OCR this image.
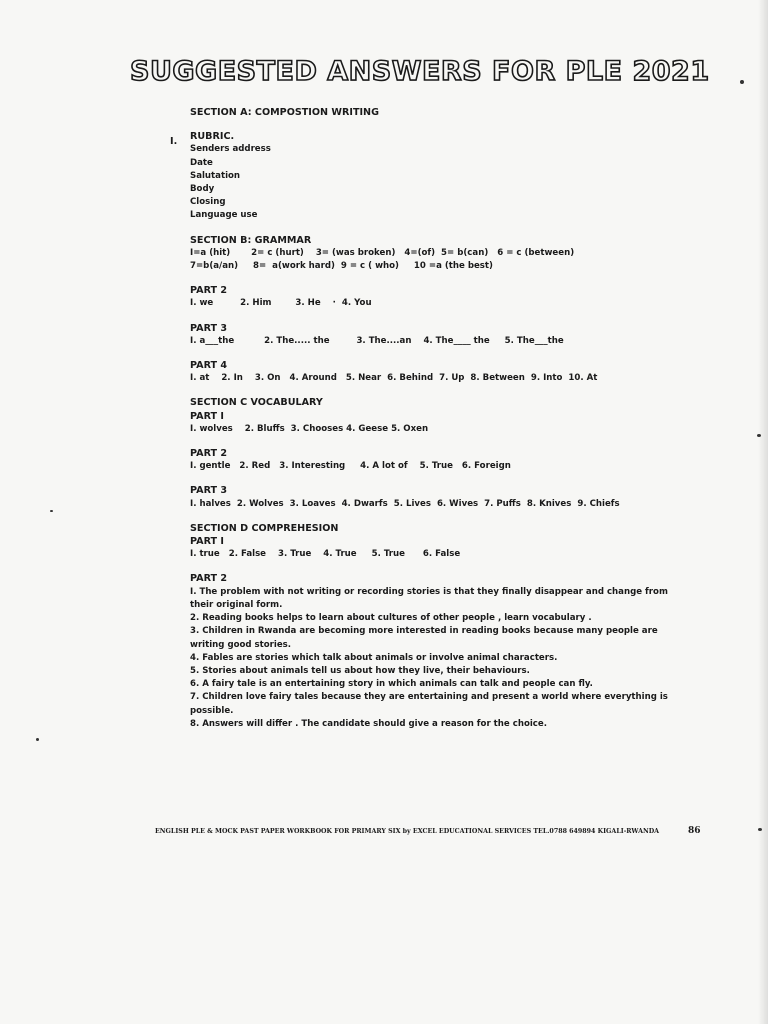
SUGGESTED ANSWERS FOR PLE 2021
I.
SECTION A: COMPOSTION WRITING
RUBRIC.
Senders address
Date
Salutation
Body
Closing
Language use
SECTION B: GRAMMAR
I=a (hit)       2= c (hurt)    3= (was broken)   4=(of)  5= b(can)   6 = c (between)
7=b(a/an)     8=  a(work hard)  9 = c ( who)     10 =a (the best)
PART 2
I. we         2. Him        3. He    ·  4. You
PART 3
I. a___the          2. The..... the         3. The....an    4. The____ the     5. The___the
PART 4
I. at    2. In    3. On   4. Around   5. Near  6. Behind  7. Up  8. Between  9. Into  10. At
SECTION C VOCABULARY
PART I
I. wolves    2. Bluffs  3. Chooses 4. Geese 5. Oxen
PART 2
I. gentle   2. Red   3. Interesting     4. A lot of    5. True   6. Foreign
PART 3
I. halves  2. Wolves  3. Loaves  4. Dwarfs  5. Lives  6. Wives  7. Puffs  8. Knives  9. Chiefs
SECTION D COMPREHESION
PART I
I. true   2. False    3. True    4. True     5. True      6. False
PART 2
I. The problem with not writing or recording stories is that they finally disappear and change from their original form.
2. Reading books helps to learn about cultures of other people , learn vocabulary .
3. Children in Rwanda are becoming more interested in reading books because many people are writing good stories.
4. Fables are stories which talk about animals or involve animal characters.
5. Stories about animals tell us about how they live, their behaviours.
6. A fairy tale is an entertaining story in which animals can talk and people can fly.
7. Children love fairy tales because they are entertaining and present a world where everything is possible.
8. Answers will differ . The candidate should give a reason for the choice.
ENGLISH PLE & MOCK PAST PAPER WORKBOOK FOR PRIMARY SIX by EXCEL EDUCATIONAL SERVICES TEL.0788 649894 KIGALI-RWANDA	86
